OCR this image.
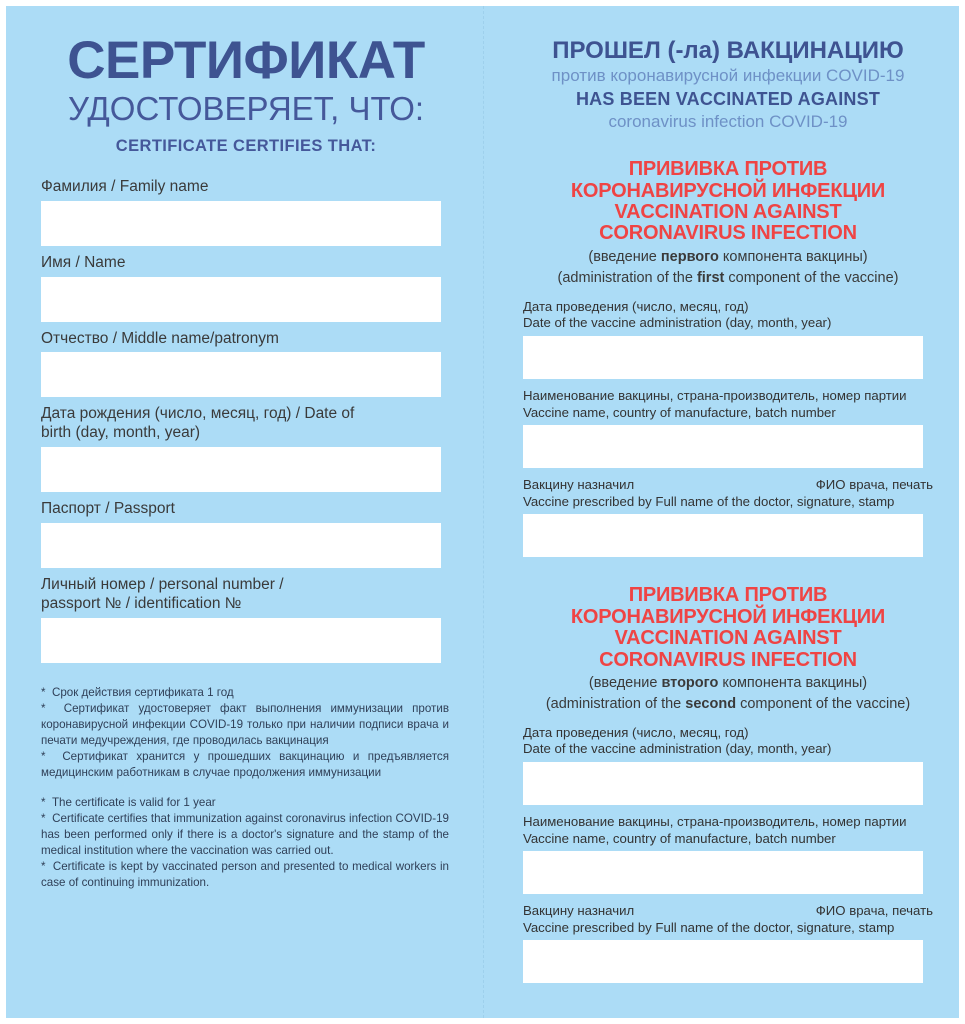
СЕРТИФИКАТ
УДОСТОВЕРЯЕТ, ЧТО:
CERTIFICATE CERTIFIES THAT:
Фамилия / Family name
Имя / Name
Отчество / Middle name/patronym
Дата рождения (число, месяц, год) / Date of
birth (day, month, year)
Паспорт / Passport
Личный номер / personal number /
passport № / identification №

*  Срок действия сертификата 1 год

*  Сертификат удостоверяет факт выполнения иммунизации против коронавирусной инфекции COVID-19 только при наличии подписи врача и печати медучреждения, где проводилась вакцинация

*  Сертификат хранится у прошедших вакцинацию и предъявляется медицинским работникам в случае продолжения иммунизации

*  The certificate is valid for 1 year

*  Certificate certifies that immunization against coronavirus infection COVID-19 has been performed only if there is a doctor's signature and the stamp of the medical institution where the vaccination was carried out.

*  Certificate is kept by vaccinated person and presented to medical workers in case of continuing immunization.

ПРОШЕЛ (-ла) ВАКЦИНАЦИЮ
против коронавирусной инфекции COVID-19
HAS BEEN VACCINATED AGAINST
coronavirus infection COVID-19
ПРИВИВКА ПРОТИВ
КОРОНАВИРУСНОЙ ИНФЕКЦИИ
VACCINATION AGAINST
CORONAVIRUS INFECTION
(введение первого компонента вакцины)
(administration of the first component of the vaccine)
Дата проведения (число, месяц, год)
Date of the vaccine administration (day, month, year)
Наименование вакцины, страна-производитель, номер партии
Vaccine name, country of manufacture, batch number
Вакцину назначил	ФИО врача, печать
Vaccine prescribed by Full name of the doctor, signature, stamp
ПРИВИВКА ПРОТИВ
КОРОНАВИРУСНОЙ ИНФЕКЦИИ
VACCINATION AGAINST
CORONAVIRUS INFECTION
(введение второго компонента вакцины)
(administration of the second component of the vaccine)
Дата проведения (число, месяц, год)
Date of the vaccine administration (day, month, year)
Наименование вакцины, страна-производитель, номер партии
Vaccine name, country of manufacture, batch number
Вакцину назначил	ФИО врача, печать
Vaccine prescribed by Full name of the doctor, signature, stamp
